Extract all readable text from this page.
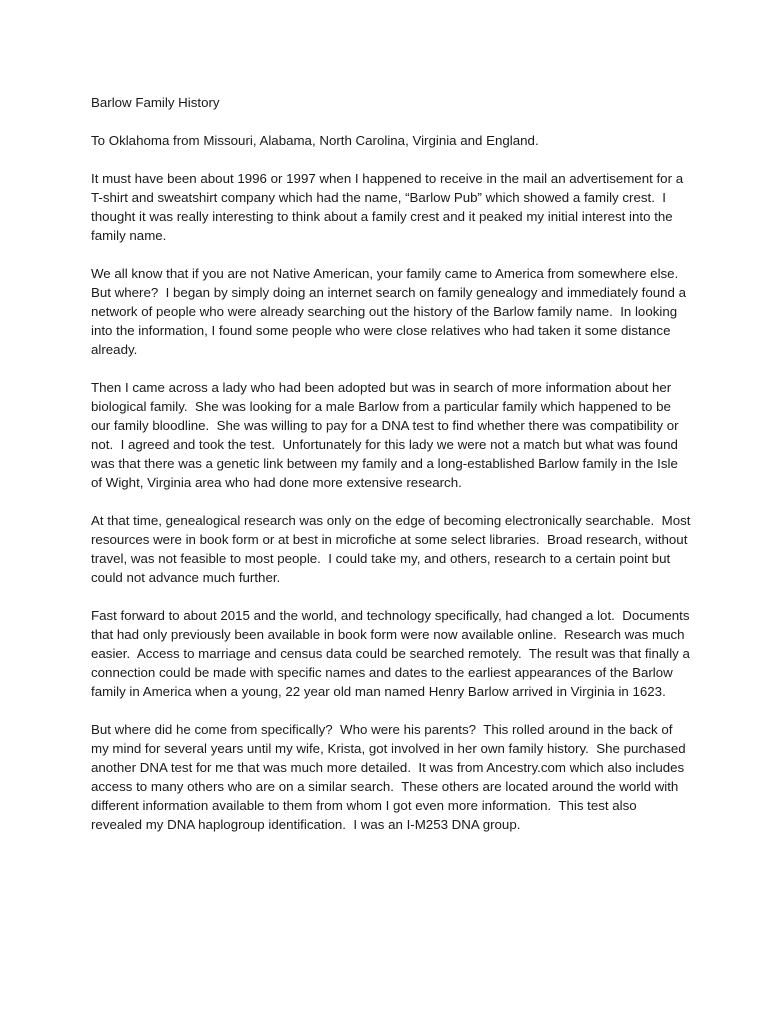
Barlow Family History

To Oklahoma from Missouri, Alabama, North Carolina, Virginia and England.

It must have been about 1996 or 1997 when I happened to receive in the mail an advertisement for a T-shirt and sweatshirt company which had the name, “Barlow Pub” which showed a family crest.  I thought it was really interesting to think about a family crest and it peaked my initial interest into the family name.

We all know that if you are not Native American, your family came to America from somewhere else.  But where?  I began by simply doing an internet search on family genealogy and immediately found a network of people who were already searching out the history of the Barlow family name.  In looking into the information, I found some people who were close relatives who had taken it some distance already.

Then I came across a lady who had been adopted but was in search of more information about her biological family.  She was looking for a male Barlow from a particular family which happened to be our family bloodline.  She was willing to pay for a DNA test to find whether there was compatibility or not.  I agreed and took the test.  Unfortunately for this lady we were not a match but what was found was that there was a genetic link between my family and a long-established Barlow family in the Isle of Wight, Virginia area who had done more extensive research.

At that time, genealogical research was only on the edge of becoming electronically searchable.  Most resources were in book form or at best in microfiche at some select libraries.  Broad research, without travel, was not feasible to most people.  I could take my, and others, research to a certain point but could not advance much further.

Fast forward to about 2015 and the world, and technology specifically, had changed a lot.  Documents that had only previously been available in book form were now available online.  Research was much easier.  Access to marriage and census data could be searched remotely.  The result was that finally a connection could be made with specific names and dates to the earliest appearances of the Barlow family in America when a young, 22 year old man named Henry Barlow arrived in Virginia in 1623.

But where did he come from specifically?  Who were his parents?  This rolled around in the back of my mind for several years until my wife, Krista, got involved in her own family history.  She purchased another DNA test for me that was much more detailed.  It was from Ancestry.com which also includes access to many others who are on a similar search.  These others are located around the world with different information available to them from whom I got even more information.  This test also revealed my DNA haplogroup identification.  I was an I-M253 DNA group.
